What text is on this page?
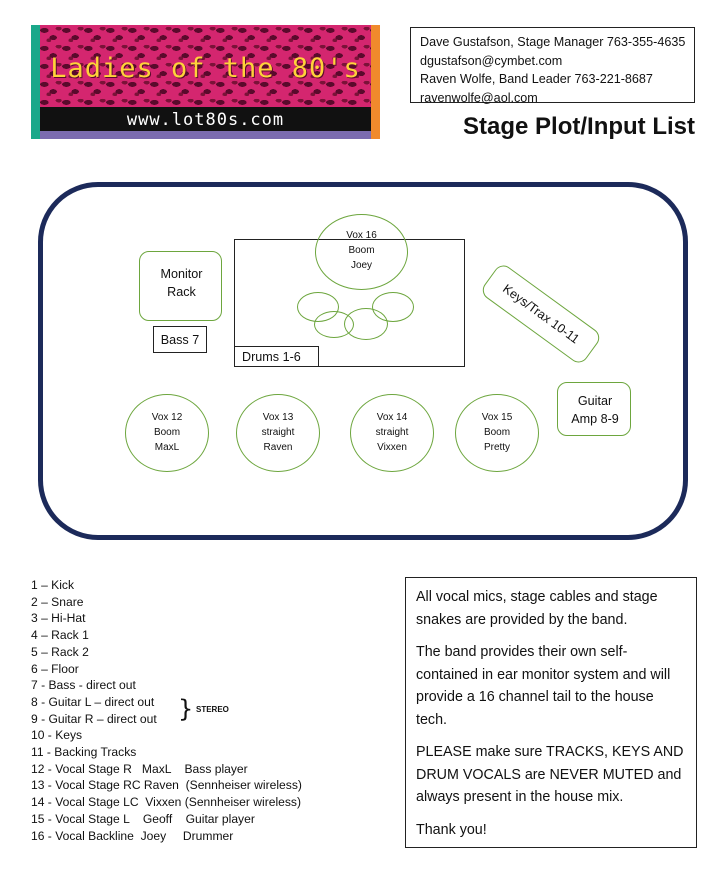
Ladies of the 80's
www.lot80s.com
Dave Gustafson, Stage Manager 763-355-4635
dgustafson@cymbet.com
Raven Wolfe, Band Leader 763-221-8687
ravenwolfe@aol.com
Stage Plot/Input List
Monitor
Rack
Bass 7
Vox 16
Boom
Joey
Drums 1-6
Keys/Trax 10-11
Guitar
Amp 8-9
Vox 12
Boom
MaxL
Vox 13
straight
Raven
Vox 14
straight
Vixxen
Vox 15
Boom
Pretty
1 – Kick
2 – Snare
3 – Hi-Hat
4 – Rack 1
5 – Rack 2
6 – Floor
7 - Bass - direct out
8 - Guitar L – direct out
9 - Guitar R – direct out
10 - Keys
11 - Backing Tracks
12 - Vocal Stage R   MaxL    Bass player
13 - Vocal Stage RC Raven  (Sennheiser wireless)
14 - Vocal Stage LC  Vixxen (Sennheiser wireless)
15 - Vocal Stage L    Geoff    Guitar player
16 - Vocal Backline  Joey     Drummer
} STEREO

All vocal mics, stage cables and stage snakes are provided by the band.

The band provides their own self-contained in ear monitor system and will provide a 16 channel tail to the house tech.

PLEASE make sure TRACKS, KEYS AND DRUM VOCALS are NEVER MUTED and always present in the house mix.

Thank you!
